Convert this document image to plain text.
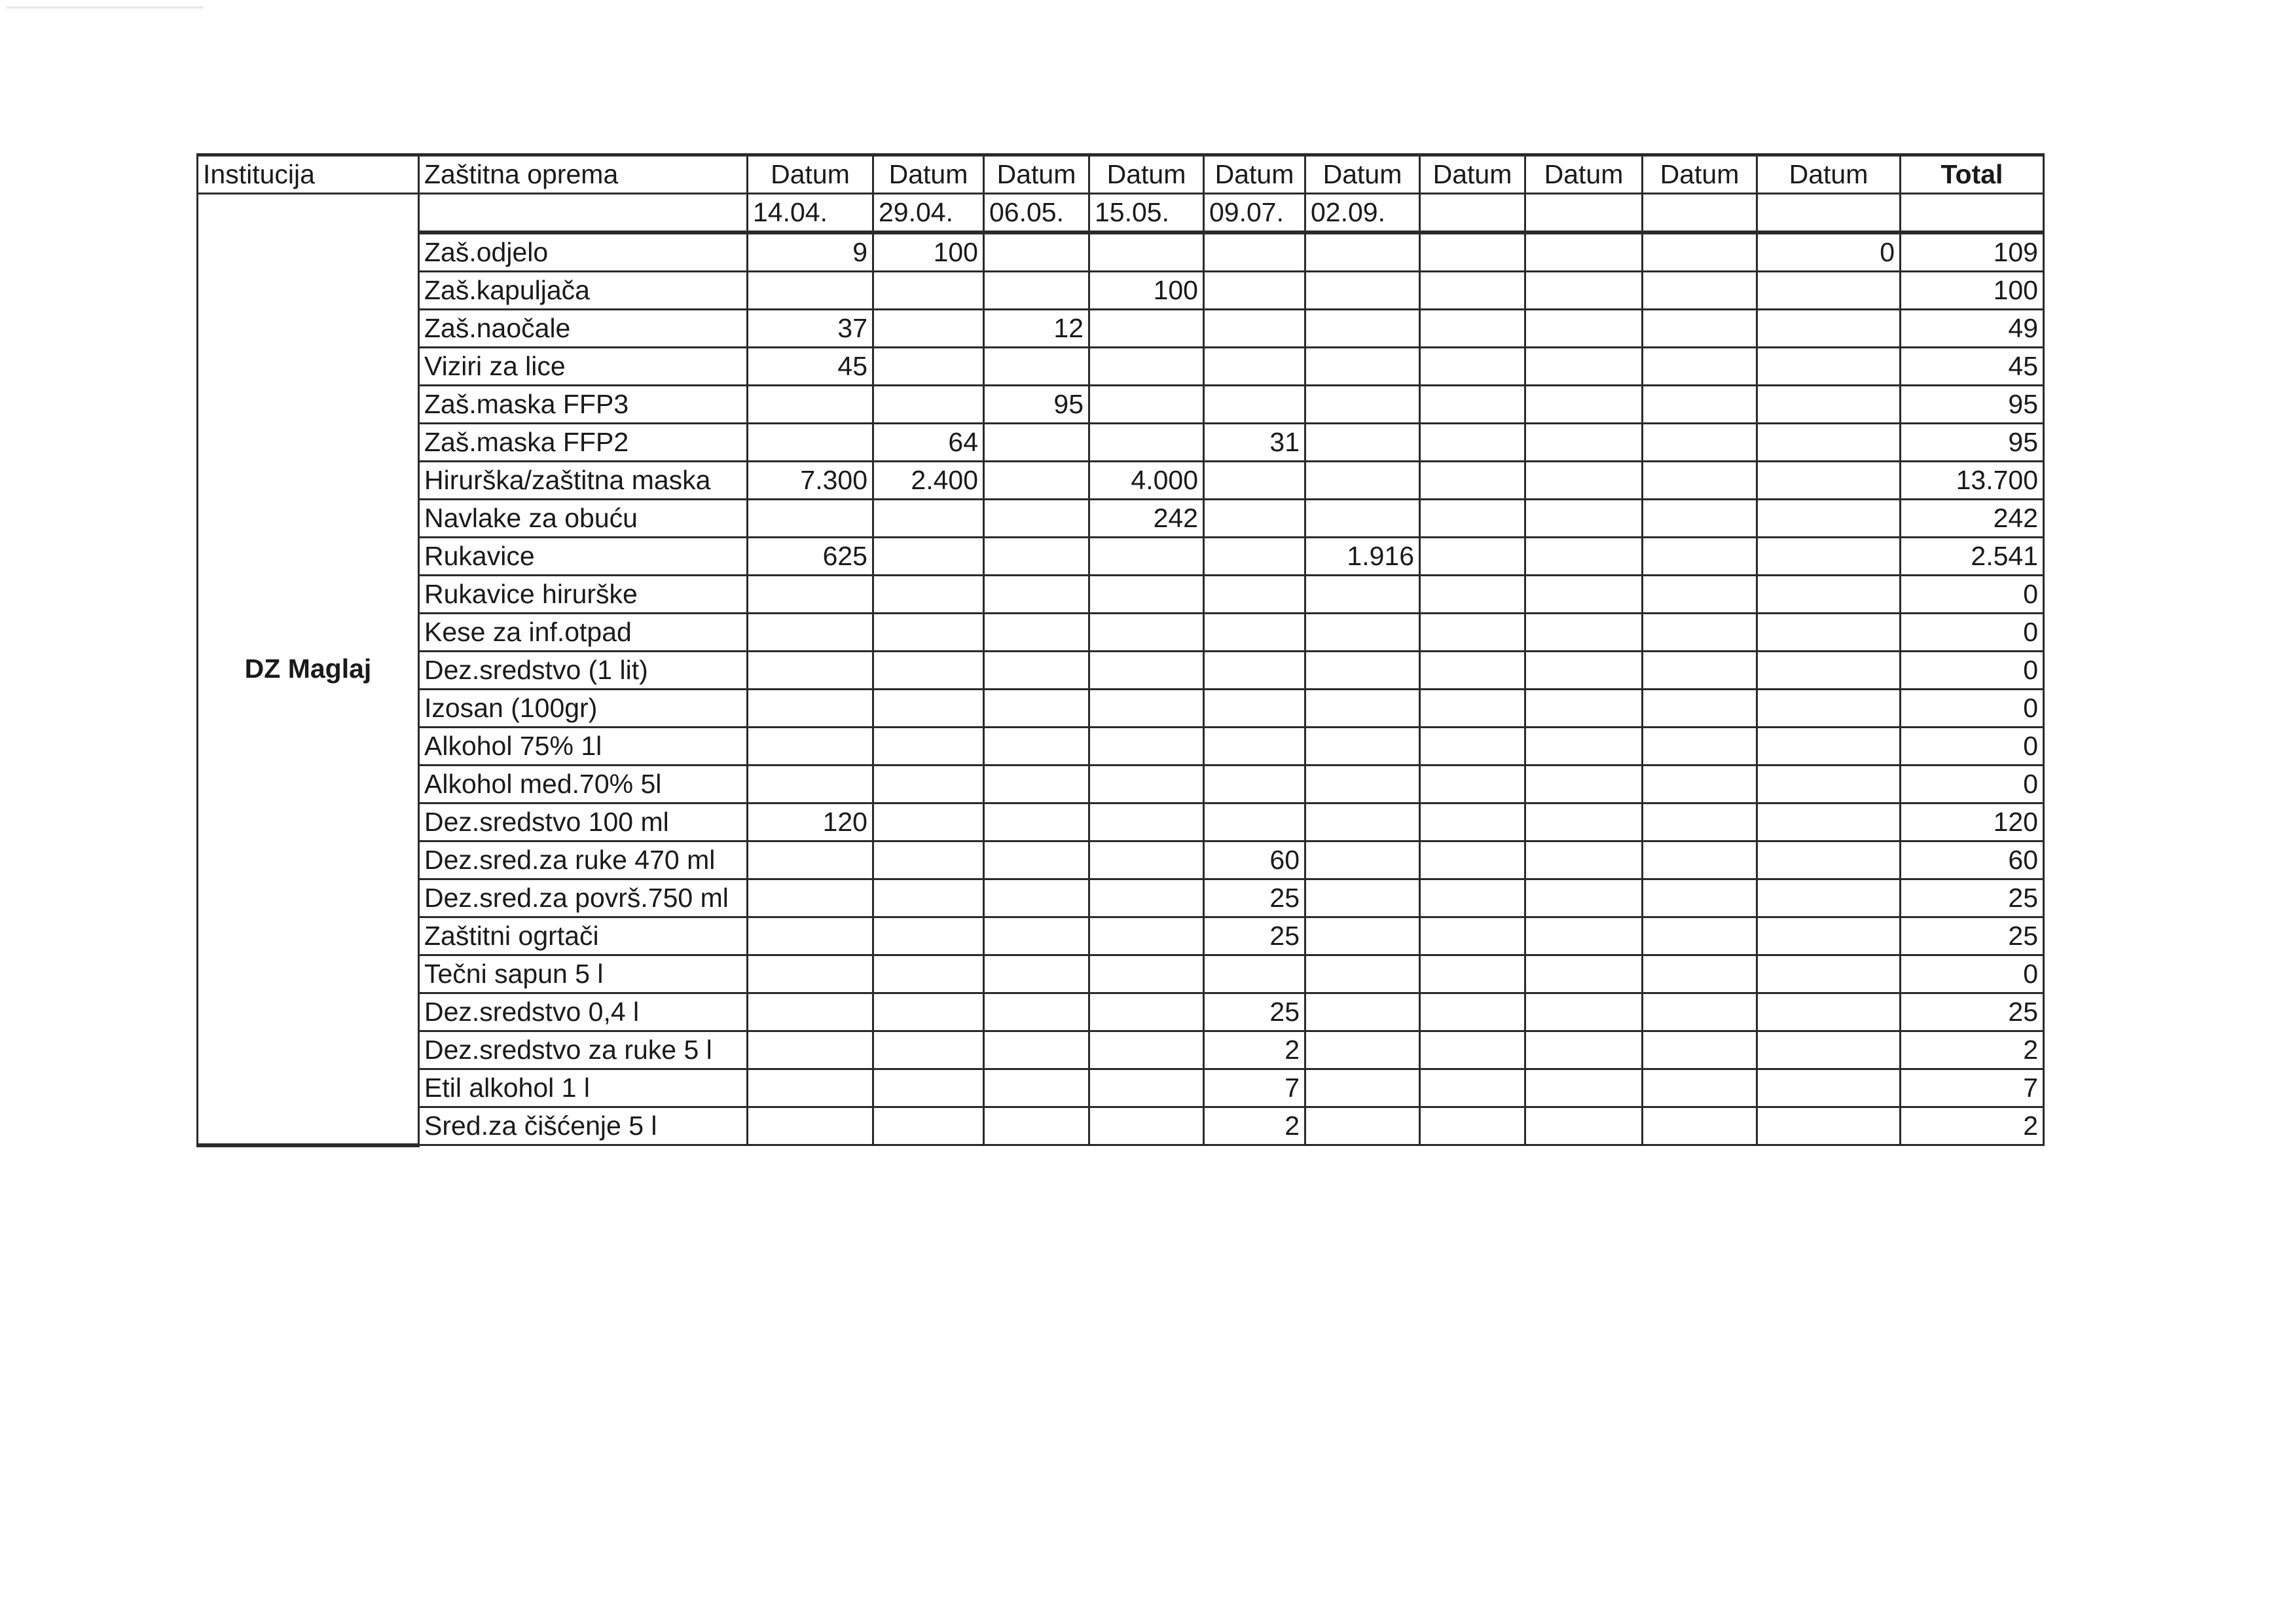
Institucija	Zaštitna oprema	Datum	Datum	Datum	Datum	Datum	Datum	Datum	Datum	Datum	Datum	Total
DZ Maglaj		14.04.	29.04.	06.05.	15.05.	09.07.	02.09.					
	Zaš.odjelo	9	100								0	109
	Zaš.kapuljača				100							100
	Zaš.naočale	37		12								49
	Viziri za lice	45										45
	Zaš.maska FFP3			95								95
	Zaš.maska FFP2		64			31						95
	Hirurška/zaštitna maska	7.300	2.400		4.000							13.700
	Navlake za obuću				242							242
	Rukavice	625					1.916					2.541
	Rukavice hirurške											0
	Kese za inf.otpad											0
	Dez.sredstvo (1 lit)											0
	Izosan (100gr)											0
	Alkohol 75% 1l											0
	Alkohol med.70% 5l											0
	Dez.sredstvo 100 ml	120										120
	Dez.sred.za ruke 470 ml					60						60
	Dez.sred.za površ.750 ml					25						25
	Zaštitni ogrtači					25						25
	Tečni sapun 5 l											0
	Dez.sredstvo 0,4 l					25						25
	Dez.sredstvo za ruke 5 l					2						2
	Etil alkohol 1 l					7						7
	Sred.za čišćenje 5 l					2						2
